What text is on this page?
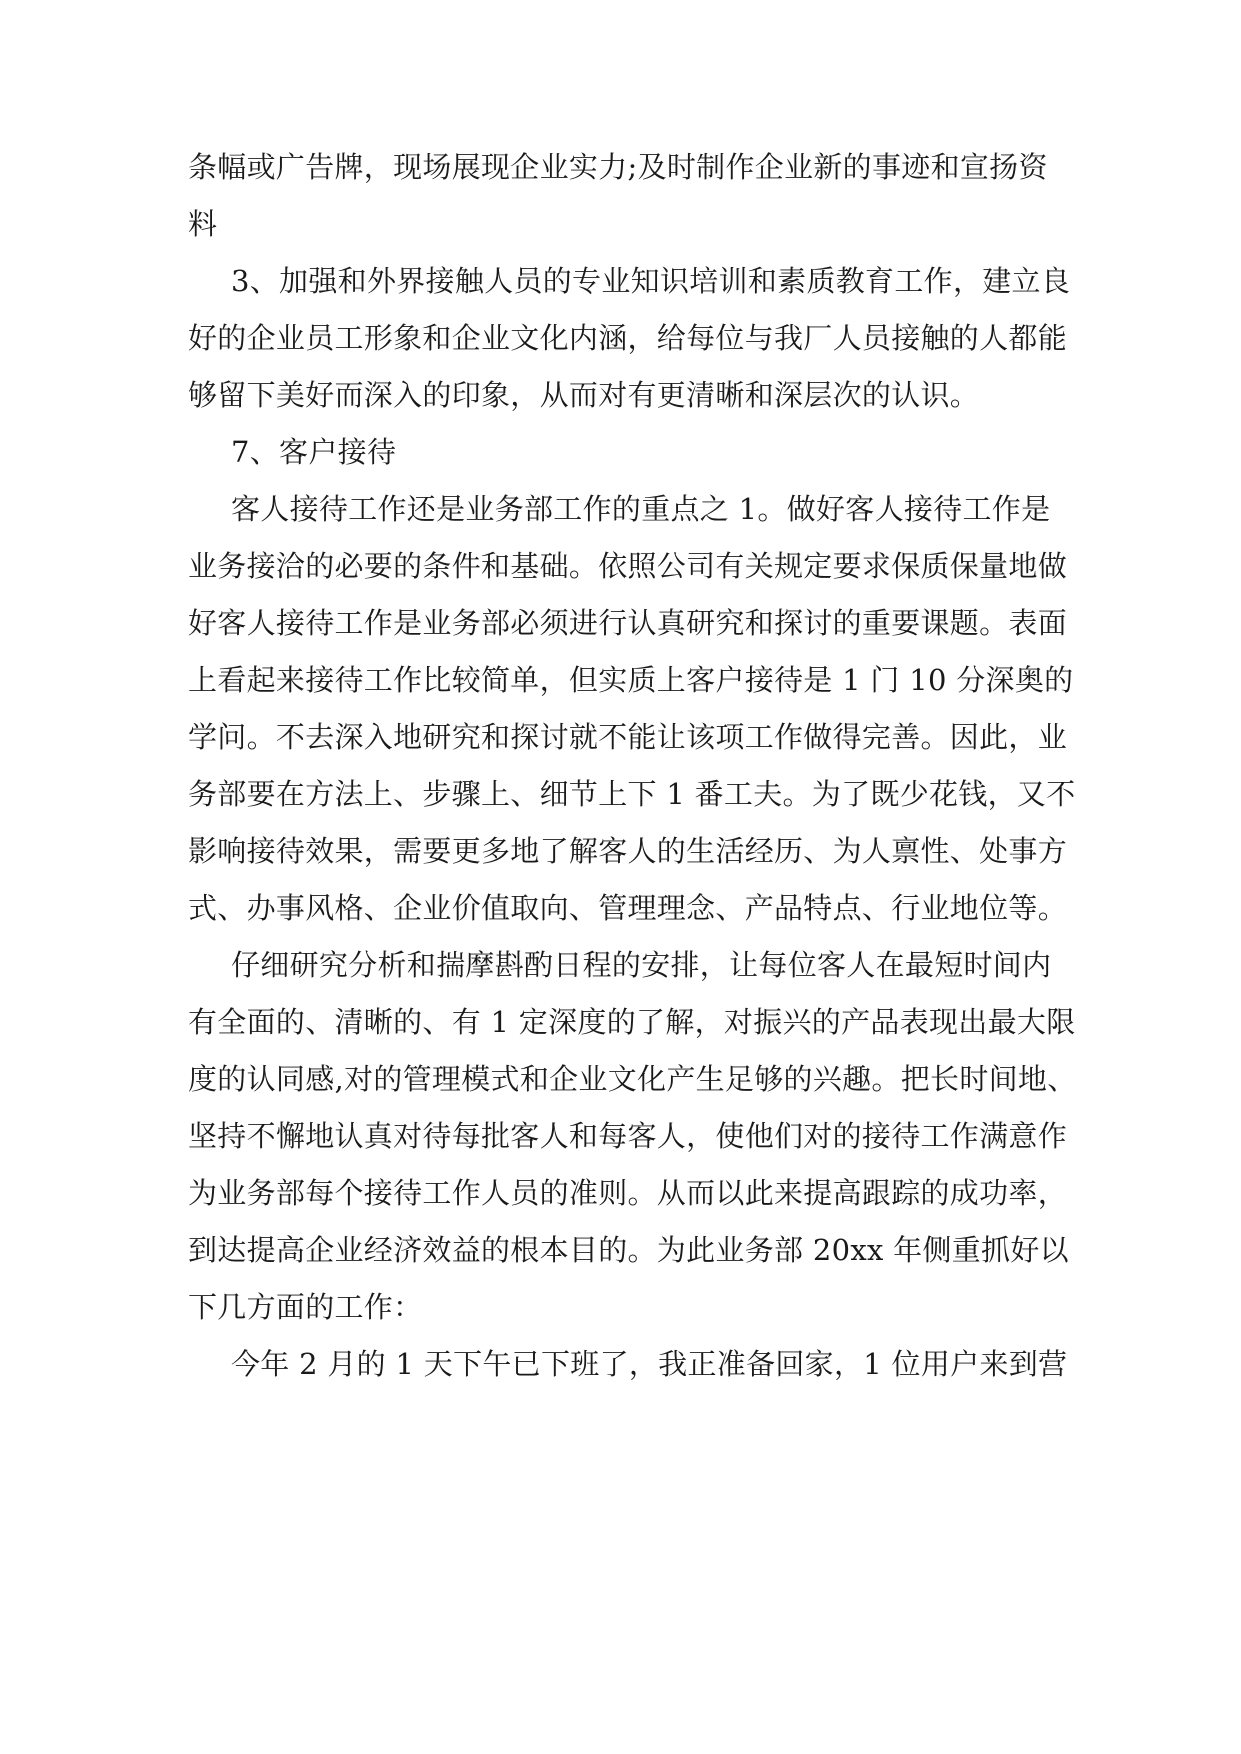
条幅或广告牌，现场展现企业实力;及时制作企业新的事迹和宣扬资
料
3、加强和外界接触人员的专业知识培训和素质教育工作，建立良
好的企业员工形象和企业文化内涵，给每位与我厂人员接触的人都能
够留下美好而深入的印象，从而对有更清晰和深层次的认识。
7、客户接待
客人接待工作还是业务部工作的重点之 1。做好客人接待工作是
业务接洽的必要的条件和基础。依照公司有关规定要求保质保量地做
好客人接待工作是业务部必须进行认真研究和探讨的重要课题。表面
上看起来接待工作比较简单，但实质上客户接待是 1 门 10 分深奥的
学问。不去深入地研究和探讨就不能让该项工作做得完善。因此，业
务部要在方法上、步骤上、细节上下 1 番工夫。为了既少花钱，又不
影响接待效果，需要更多地了解客人的生活经历、为人禀性、处事方
式、办事风格、企业价值取向、管理理念、产品特点、行业地位等。
仔细研究分析和揣摩斟酌日程的安排，让每位客人在最短时间内
有全面的、清晰的、有 1 定深度的了解，对振兴的产品表现出最大限
度的认同感,对的管理模式和企业文化产生足够的兴趣。把长时间地、
坚持不懈地认真对待每批客人和每客人，使他们对的接待工作满意作
为业务部每个接待工作人员的准则。从而以此来提高跟踪的成功率，
到达提高企业经济效益的根本目的。为此业务部 20xx 年侧重抓好以
下几方面的工作：
今年 2 月的 1 天下午已下班了，我正准备回家，1 位用户来到营
